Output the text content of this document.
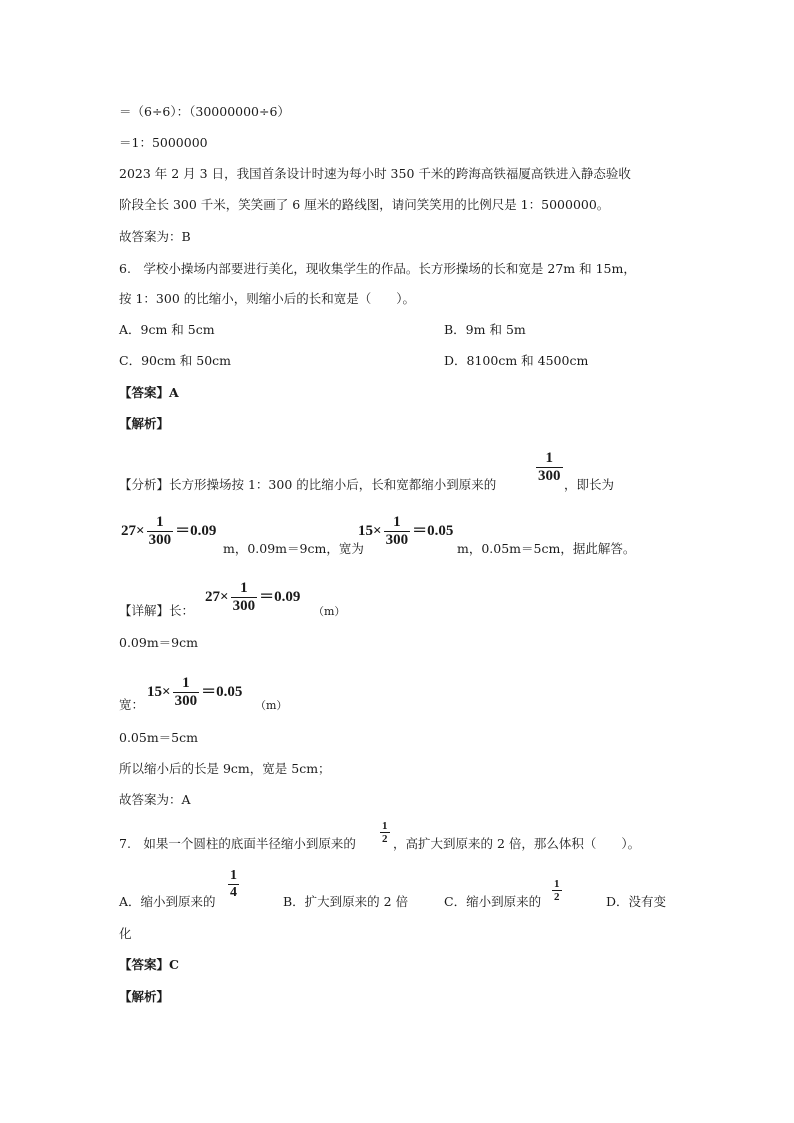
＝（6÷6）：（30000000÷6）
＝1：5000000
2023 年 2 月 3 日，我国首条设计时速为每小时 350 千米的跨海高铁福厦高铁进入静态验收
阶段全长 300 千米，笑笑画了 6 厘米的路线图，请问笑笑用的比例尺是 1：5000000。
故答案为：B
6.　学校小操场内部要进行美化，现收集学生的作品。长方形操场的长和宽是 27m 和 15m，
按 1：300 的比缩小，则缩小后的长和宽是（　　）。
A．9cm 和 5cm	B．9m 和 5m
C．90cm 和 50cm	D．8100cm 和 4500cm
【答案】A
【解析】
【分析】长方形操场按 1：300 的比缩小后，长和宽都缩小到原来的	$\frac{1}{300}$ ，即长为
$27\times \frac{1}{300} =0.09$
m，0.09m＝9cm，宽为
$15\times \frac{1}{300} =0.05$
m，0.05m＝5cm，据此解答。
【详解】长：
$27\times \frac{1}{300} =0.09$
（m）
0.09m＝9cm
宽：
$15\times \frac{1}{300} =0.05$
（m）
0.05m＝5cm
所以缩小后的长是 9cm，宽是 5cm；
故答案为：A
7.　如果一个圆柱的底面半径缩小到原来的 $\frac{1}{2}$ ，高扩大到原来的 2 倍，那么体积（　　）。
A．缩小到原来的
$\frac{1}{4}$
B．扩大到原来的 2 倍	C．缩小到原来的 $\frac{1}{2}$	D．没有变
化
【答案】C
【解析】
